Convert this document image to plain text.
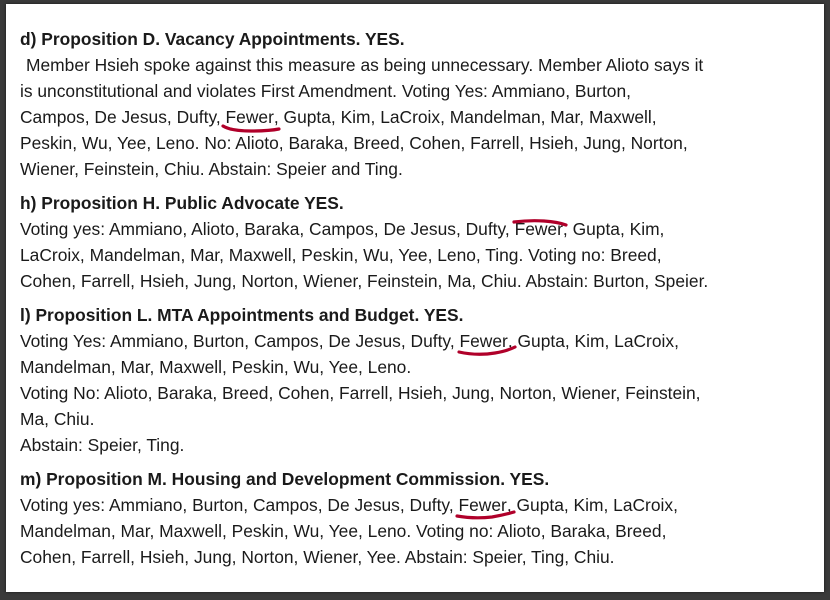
d) Proposition D. Vacancy Appointments. YES.
Member Hsieh spoke against this measure as being unnecessary. Member Alioto says it
is unconstitutional and violates First Amendment. Voting Yes: Ammiano, Burton,
Campos, De Jesus, Dufty, Fewer
, Gupta, Kim, LaCroix, Mandelman, Mar, Maxwell,
Peskin, Wu, Yee, Leno. No: Alioto, Baraka, Breed, Cohen, Farrell, Hsieh, Jung, Norton,
Wiener, Feinstein, Chiu. Abstain: Speier and Ting.
h) Proposition H. Public Advocate YES.
Voting yes: Ammiano, Alioto, Baraka, Campos, De Jesus, Dufty, Fewer
, Gupta, Kim,
LaCroix, Mandelman, Mar, Maxwell, Peskin, Wu, Yee, Leno, Ting. Voting no: Breed,
Cohen, Farrell, Hsieh, Jung, Norton, Wiener, Feinstein, Ma, Chiu. Abstain: Burton, Speier.
l) Proposition L. MTA Appointments and Budget. YES.
Voting Yes: Ammiano, Burton, Campos, De Jesus, Dufty, Fewer
, Gupta, Kim, LaCroix,
Mandelman, Mar, Maxwell, Peskin, Wu, Yee, Leno.
Voting No: Alioto, Baraka, Breed, Cohen, Farrell, Hsieh, Jung, Norton, Wiener, Feinstein,
Ma, Chiu.
Abstain: Speier, Ting.
m) Proposition M. Housing and Development Commission. YES.
Voting yes: Ammiano, Burton, Campos, De Jesus, Dufty, Fewer
, Gupta, Kim, LaCroix,
Mandelman, Mar, Maxwell, Peskin, Wu, Yee, Leno. Voting no: Alioto, Baraka, Breed,
Cohen, Farrell, Hsieh, Jung, Norton, Wiener, Yee. Abstain: Speier, Ting, Chiu.
